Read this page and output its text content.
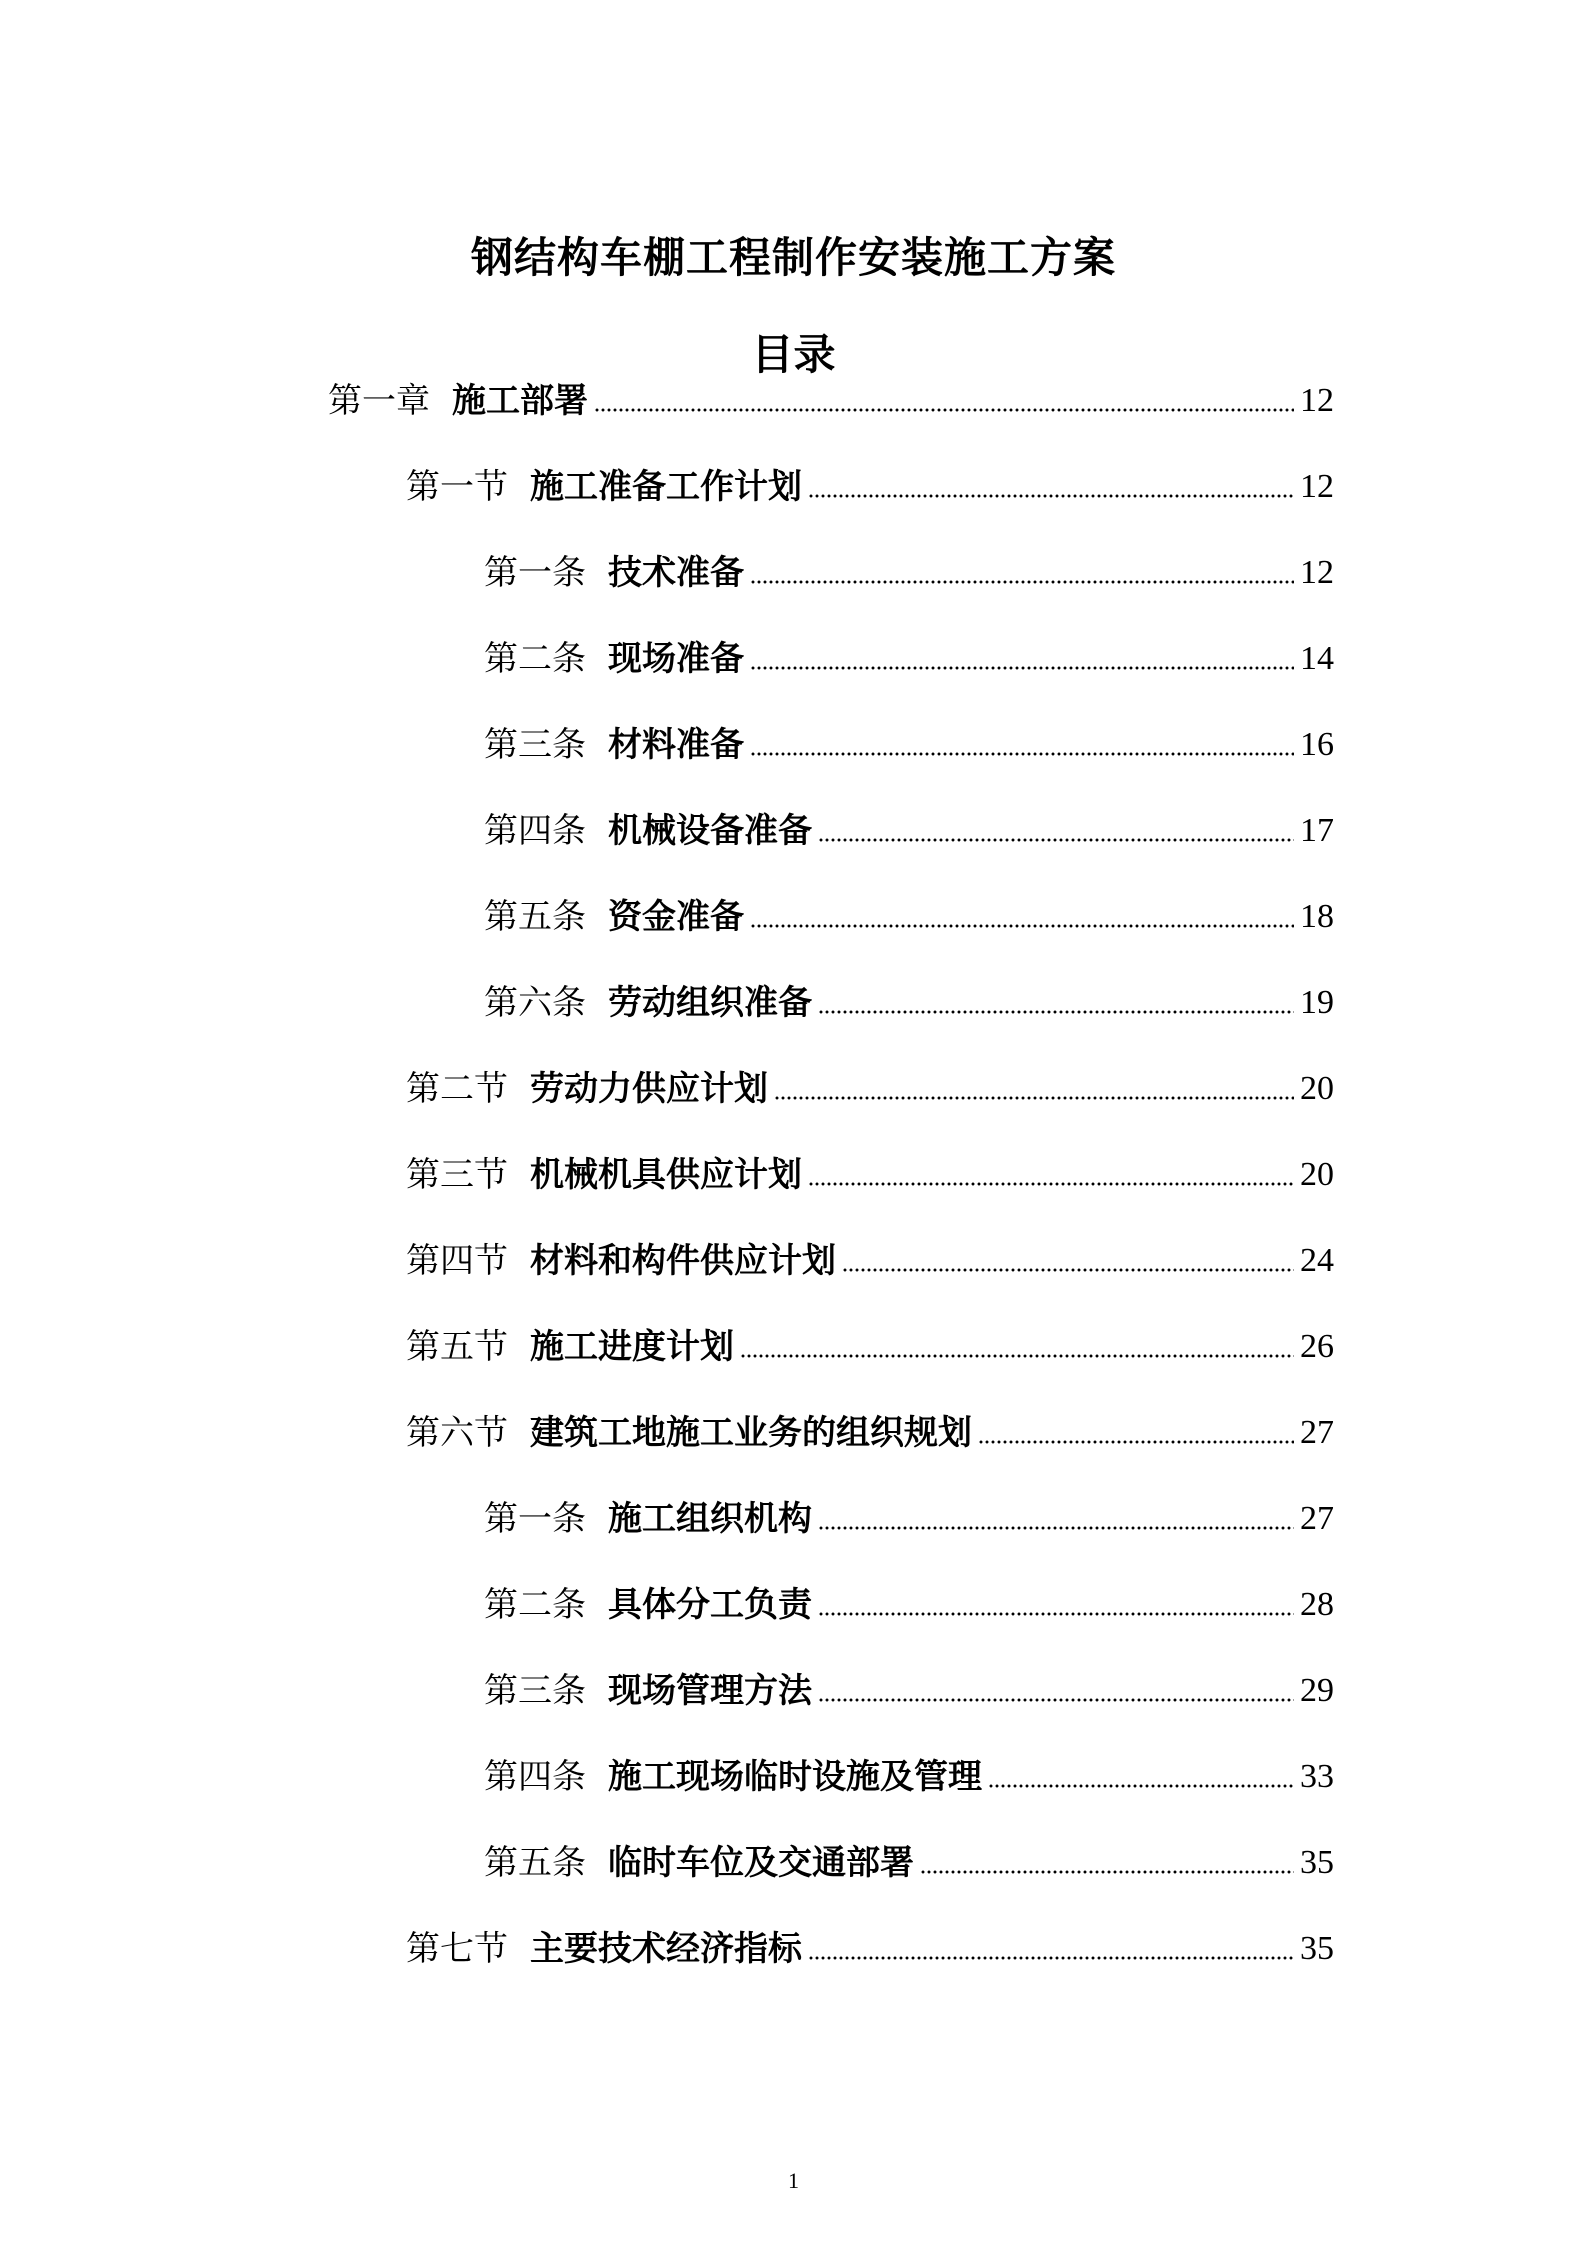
钢结构车棚工程制作安装施工方案
目录
第一章 施工部署	12
第一节 施工准备工作计划	12
第一条 技术准备	12
第二条 现场准备	14
第三条 材料准备	16
第四条 机械设备准备	17
第五条 资金准备	18
第六条 劳动组织准备	19
第二节 劳动力供应计划	20
第三节 机械机具供应计划	20
第四节 材料和构件供应计划	24
第五节 施工进度计划	26
第六节 建筑工地施工业务的组织规划	27
第一条 施工组织机构	27
第二条 具体分工负责	28
第三条 现场管理方法	29
第四条 施工现场临时设施及管理	33
第五条 临时车位及交通部署	35
第七节 主要技术经济指标	35
1
